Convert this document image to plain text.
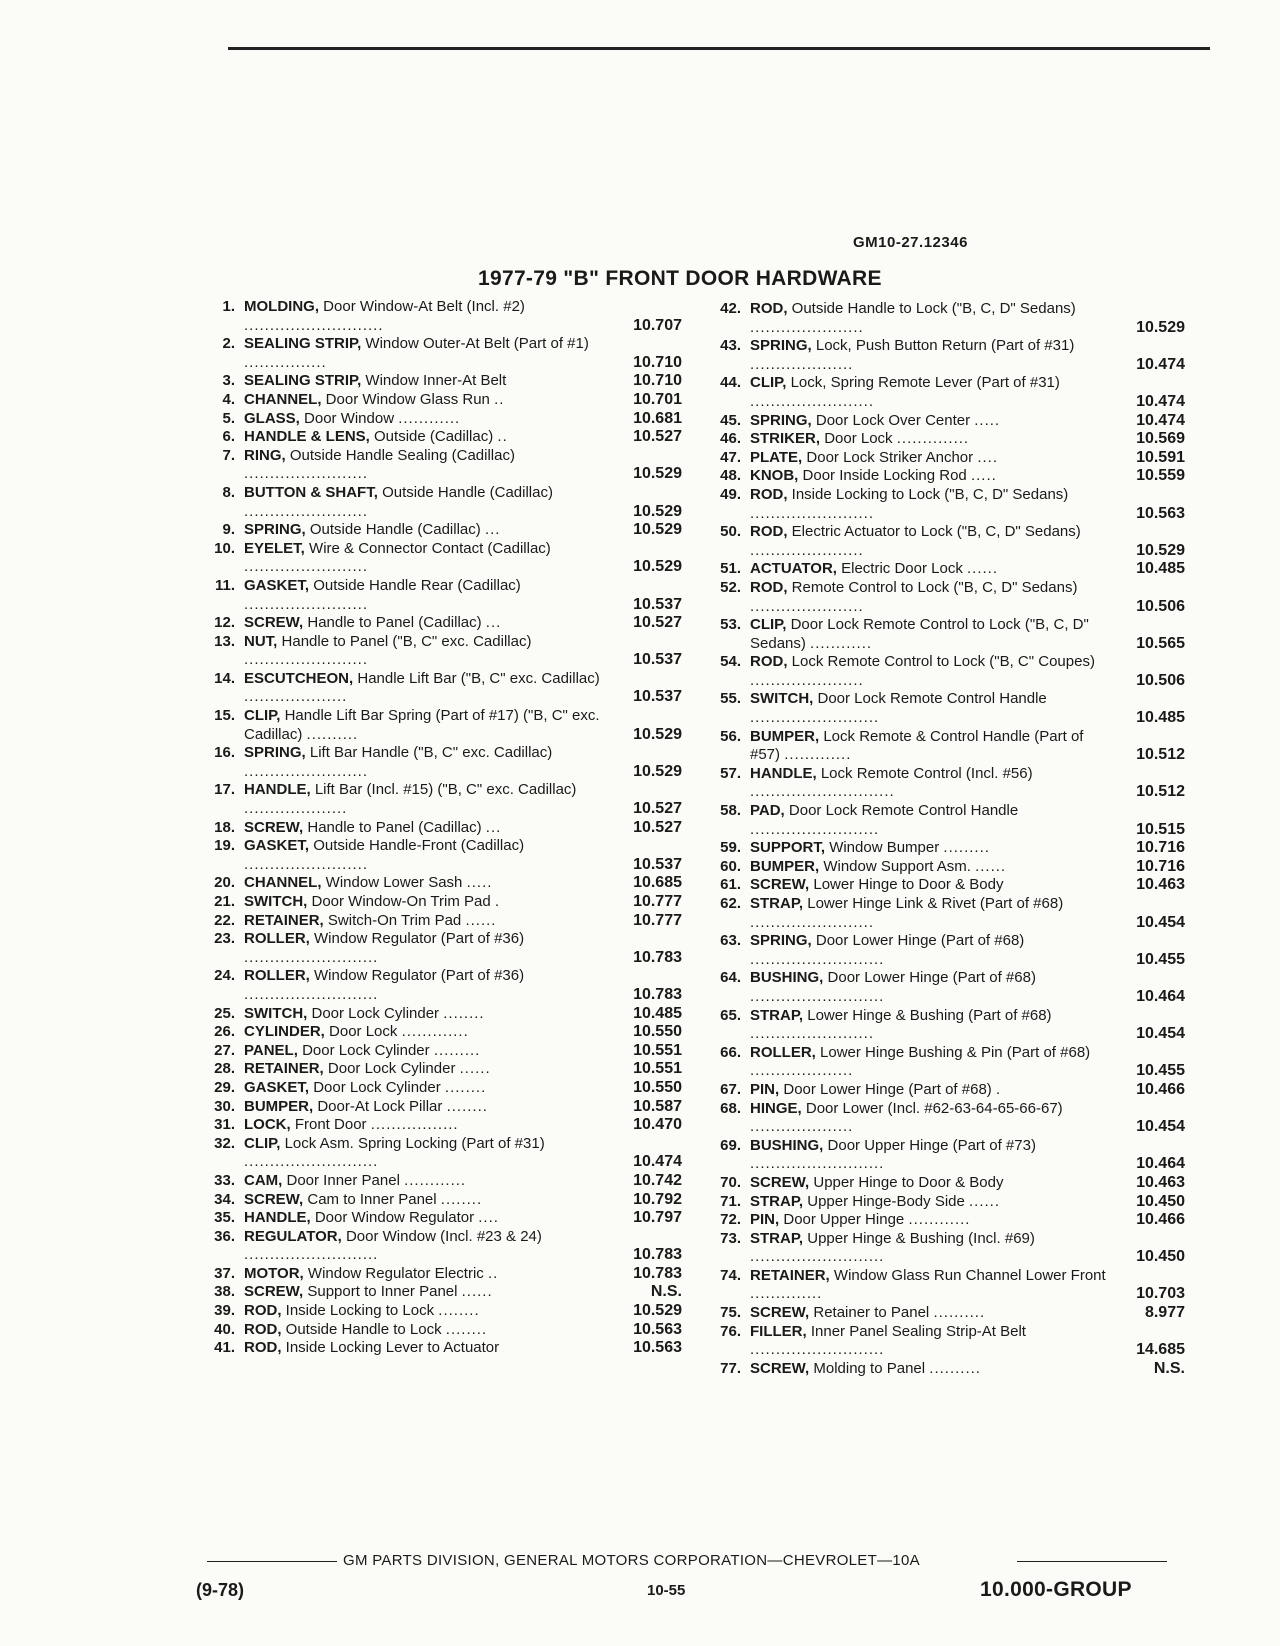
GM10-27.12346
1977-79 "B" FRONT DOOR HARDWARE
1. MOLDING, Door Window-At Belt (Incl. #2) ...........................	10.707
2. SEALING STRIP, Window Outer-At Belt (Part of #1) ................	10.710
3. SEALING STRIP, Window Inner-At Belt	10.710
4. CHANNEL, Door Window Glass Run ..	10.701
5. GLASS, Door Window ............	10.681
6. HANDLE & LENS, Outside (Cadillac) ..	10.527
7. RING, Outside Handle Sealing (Cadillac) ........................	10.529
8. BUTTON & SHAFT, Outside Handle (Cadillac) ........................	10.529
9. SPRING, Outside Handle (Cadillac) ...	10.529
10. EYELET, Wire & Connector Contact (Cadillac) ........................	10.529
11. GASKET, Outside Handle Rear (Cadillac) ........................	10.537
12. SCREW, Handle to Panel (Cadillac) ...	10.527
13. NUT, Handle to Panel ("B, C" exc. Cadillac) ........................	10.537
14. ESCUTCHEON, Handle Lift Bar ("B, C" exc. Cadillac) ....................	10.537
15. CLIP, Handle Lift Bar Spring (Part of #17) ("B, C" exc. Cadillac) ..........	10.529
16. SPRING, Lift Bar Handle ("B, C" exc. Cadillac) ........................	10.529
17. HANDLE, Lift Bar (Incl. #15) ("B, C" exc. Cadillac) ....................	10.527
18. SCREW, Handle to Panel (Cadillac) ...	10.527
19. GASKET, Outside Handle-Front (Cadillac) ........................	10.537
20. CHANNEL, Window Lower Sash .....	10.685
21. SWITCH, Door Window-On Trim Pad .	10.777
22. RETAINER, Switch-On Trim Pad ......	10.777
23. ROLLER, Window Regulator (Part of #36) ..........................	10.783
24. ROLLER, Window Regulator (Part of #36) ..........................	10.783
25. SWITCH, Door Lock Cylinder ........	10.485
26. CYLINDER, Door Lock .............	10.550
27. PANEL, Door Lock Cylinder .........	10.551
28. RETAINER, Door Lock Cylinder ......	10.551
29. GASKET, Door Lock Cylinder ........	10.550
30. BUMPER, Door-At Lock Pillar ........	10.587
31. LOCK, Front Door .................	10.470
32. CLIP, Lock Asm. Spring Locking (Part of #31) ..........................	10.474
33. CAM, Door Inner Panel ............	10.742
34. SCREW, Cam to Inner Panel ........	10.792
35. HANDLE, Door Window Regulator ....	10.797
36. REGULATOR, Door Window (Incl. #23 & 24) ..........................	10.783
37. MOTOR, Window Regulator Electric ..	10.783
38. SCREW, Support to Inner Panel ......	N.S.
39. ROD, Inside Locking to Lock ........	10.529
40. ROD, Outside Handle to Lock ........	10.563
41. ROD, Inside Locking Lever to Actuator	10.563
42. ROD, Outside Handle to Lock ("B, C, D" Sedans) ......................	10.529
43. SPRING, Lock, Push Button Return (Part of #31) ....................	10.474
44. CLIP, Lock, Spring Remote Lever (Part of #31) ........................	10.474
45. SPRING, Door Lock Over Center .....	10.474
46. STRIKER, Door Lock ..............	10.569
47. PLATE, Door Lock Striker Anchor ....	10.591
48. KNOB, Door Inside Locking Rod .....	10.559
49. ROD, Inside Locking to Lock ("B, C, D" Sedans) ........................	10.563
50. ROD, Electric Actuator to Lock ("B, C, D" Sedans) ......................	10.529
51. ACTUATOR, Electric Door Lock ......	10.485
52. ROD, Remote Control to Lock ("B, C, D" Sedans) ......................	10.506
53. CLIP, Door Lock Remote Control to Lock ("B, C, D" Sedans) ............	10.565
54. ROD, Lock Remote Control to Lock ("B, C" Coupes) ......................	10.506
55. SWITCH, Door Lock Remote Control Handle .........................	10.485
56. BUMPER, Lock Remote & Control Handle (Part of #57) .............	10.512
57. HANDLE, Lock Remote Control (Incl. #56) ............................	10.512
58. PAD, Door Lock Remote Control Handle .........................	10.515
59. SUPPORT, Window Bumper .........	10.716
60. BUMPER, Window Support Asm. ......	10.716
61. SCREW, Lower Hinge to Door & Body	10.463
62. STRAP, Lower Hinge Link & Rivet (Part of #68) ........................	10.454
63. SPRING, Door Lower Hinge (Part of #68) ..........................	10.455
64. BUSHING, Door Lower Hinge (Part of #68) ..........................	10.464
65. STRAP, Lower Hinge & Bushing (Part of #68) ........................	10.454
66. ROLLER, Lower Hinge Bushing & Pin (Part of #68) ....................	10.455
67. PIN, Door Lower Hinge (Part of #68) .	10.466
68. HINGE, Door Lower (Incl. #62-63-64-65-66-67) ....................	10.454
69. BUSHING, Door Upper Hinge (Part of #73) ..........................	10.464
70. SCREW, Upper Hinge to Door & Body	10.463
71. STRAP, Upper Hinge-Body Side ......	10.450
72. PIN, Door Upper Hinge ............	10.466
73. STRAP, Upper Hinge & Bushing (Incl. #69) ..........................	10.450
74. RETAINER, Window Glass Run Channel Lower Front ..............	10.703
75. SCREW, Retainer to Panel ..........	8.977
76. FILLER, Inner Panel Sealing Strip-At Belt ..........................	14.685
77. SCREW, Molding to Panel ..........	N.S.
GM PARTS DIVISION, GENERAL MOTORS CORPORATION—CHEVROLET—10A
(9-78)	10-55	10.000-GROUP
